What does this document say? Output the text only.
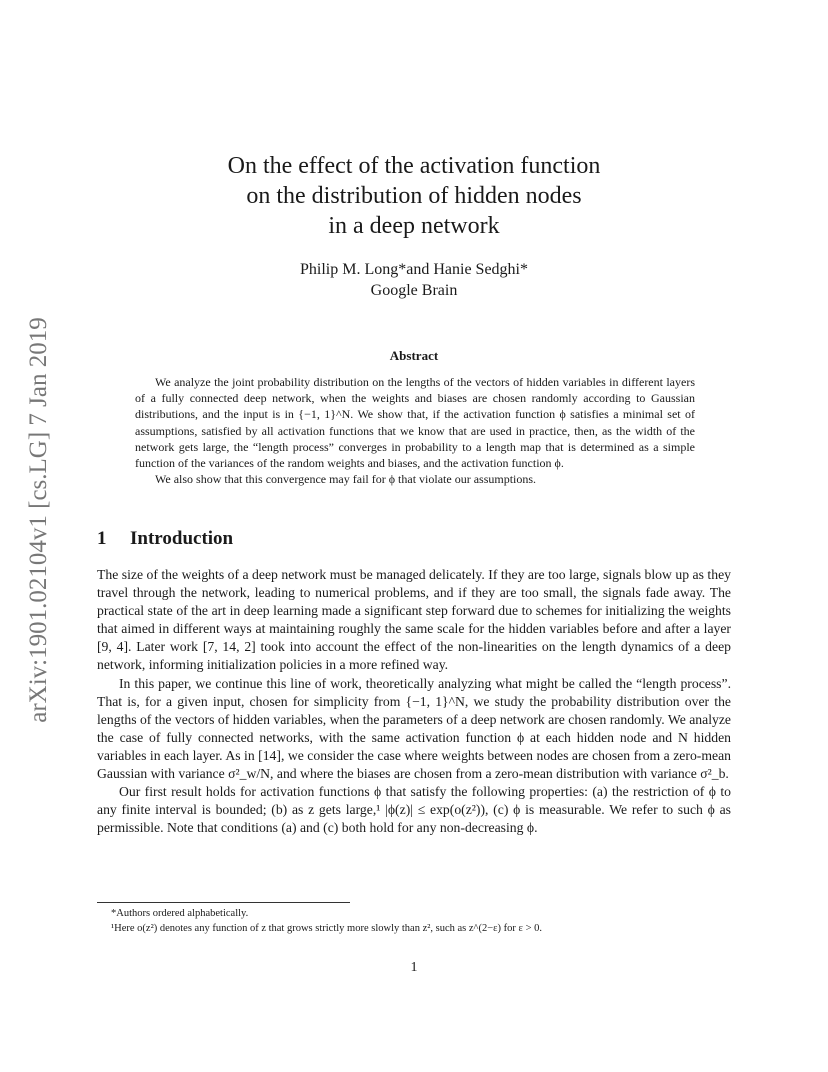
arXiv:1901.02104v1 [cs.LG] 7 Jan 2019
On the effect of the activation function
on the distribution of hidden nodes
in a deep network
Philip M. Long*and Hanie Sedghi*
Google Brain
Abstract

We analyze the joint probability distribution on the lengths of the vectors of hidden variables in different layers of a fully connected deep network, when the weights and biases are chosen randomly according to Gaussian distributions, and the input is in {−1, 1}^N. We show that, if the activation function ϕ satisfies a minimal set of assumptions, satisfied by all activation functions that we know that are used in practice, then, as the width of the network gets large, the “length process” converges in probability to a length map that is determined as a simple function of the variances of the random weights and biases, and the activation function ϕ.

We also show that this convergence may fail for ϕ that violate our assumptions.

1 Introduction

The size of the weights of a deep network must be managed delicately. If they are too large, signals blow up as they travel through the network, leading to numerical problems, and if they are too small, the signals fade away. The practical state of the art in deep learning made a significant step forward due to schemes for initializing the weights that aimed in different ways at maintaining roughly the same scale for the hidden variables before and after a layer [9, 4]. Later work [7, 14, 2] took into account the effect of the non-linearities on the length dynamics of a deep network, informing initialization policies in a more refined way.

In this paper, we continue this line of work, theoretically analyzing what might be called the “length process”. That is, for a given input, chosen for simplicity from {−1, 1}^N, we study the probability distribution over the lengths of the vectors of hidden variables, when the parameters of a deep network are chosen randomly. We analyze the case of fully connected networks, with the same activation function ϕ at each hidden node and N hidden variables in each layer. As in [14], we consider the case where weights between nodes are chosen from a zero-mean Gaussian with variance σ²_w/N, and where the biases are chosen from a zero-mean distribution with variance σ²_b.

Our first result holds for activation functions ϕ that satisfy the following properties: (a) the restriction of ϕ to any finite interval is bounded; (b) as z gets large,¹ |ϕ(z)| ≤ exp(o(z²)), (c) ϕ is measurable. We refer to such ϕ as permissible. Note that conditions (a) and (c) both hold for any non-decreasing ϕ.

*Authors ordered alphabetically.
¹Here o(z²) denotes any function of z that grows strictly more slowly than z², such as z^(2−ε) for ε > 0.
1
